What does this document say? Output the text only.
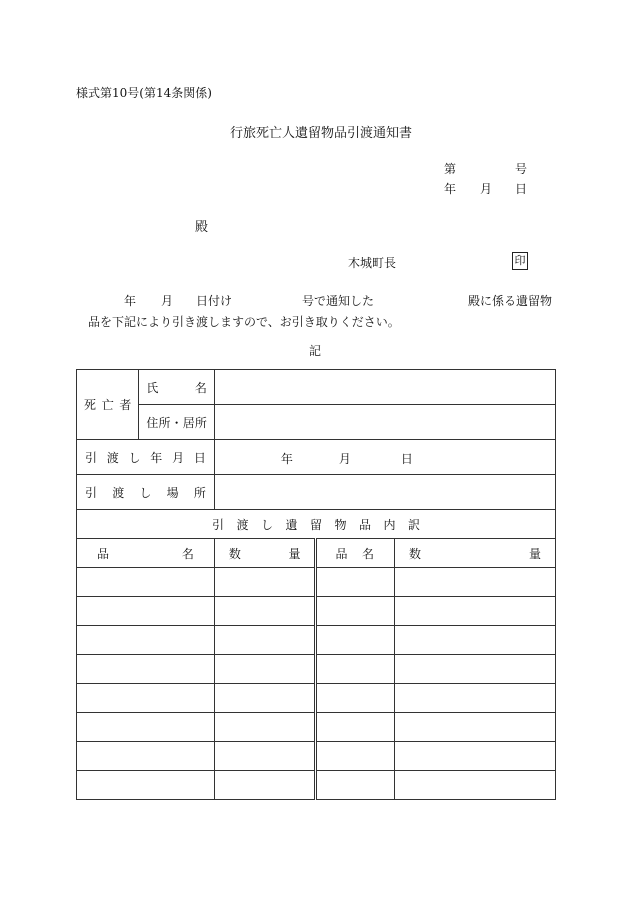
様式第10号(第14条関係)
行旅死亡人遺留物品引渡通知書
第	号
年 月 日
殿
木城町長	印
年 月 日付け	号で通知した	殿に係る遺留物
品を下記により引き渡しますので、お引き取りください。
記
死亡者	氏名			

	住所・居所			

引渡し年月日		年 月 日		

引渡し場所				

引渡し遺留物品内訳				

品名		数量	品名	数量
